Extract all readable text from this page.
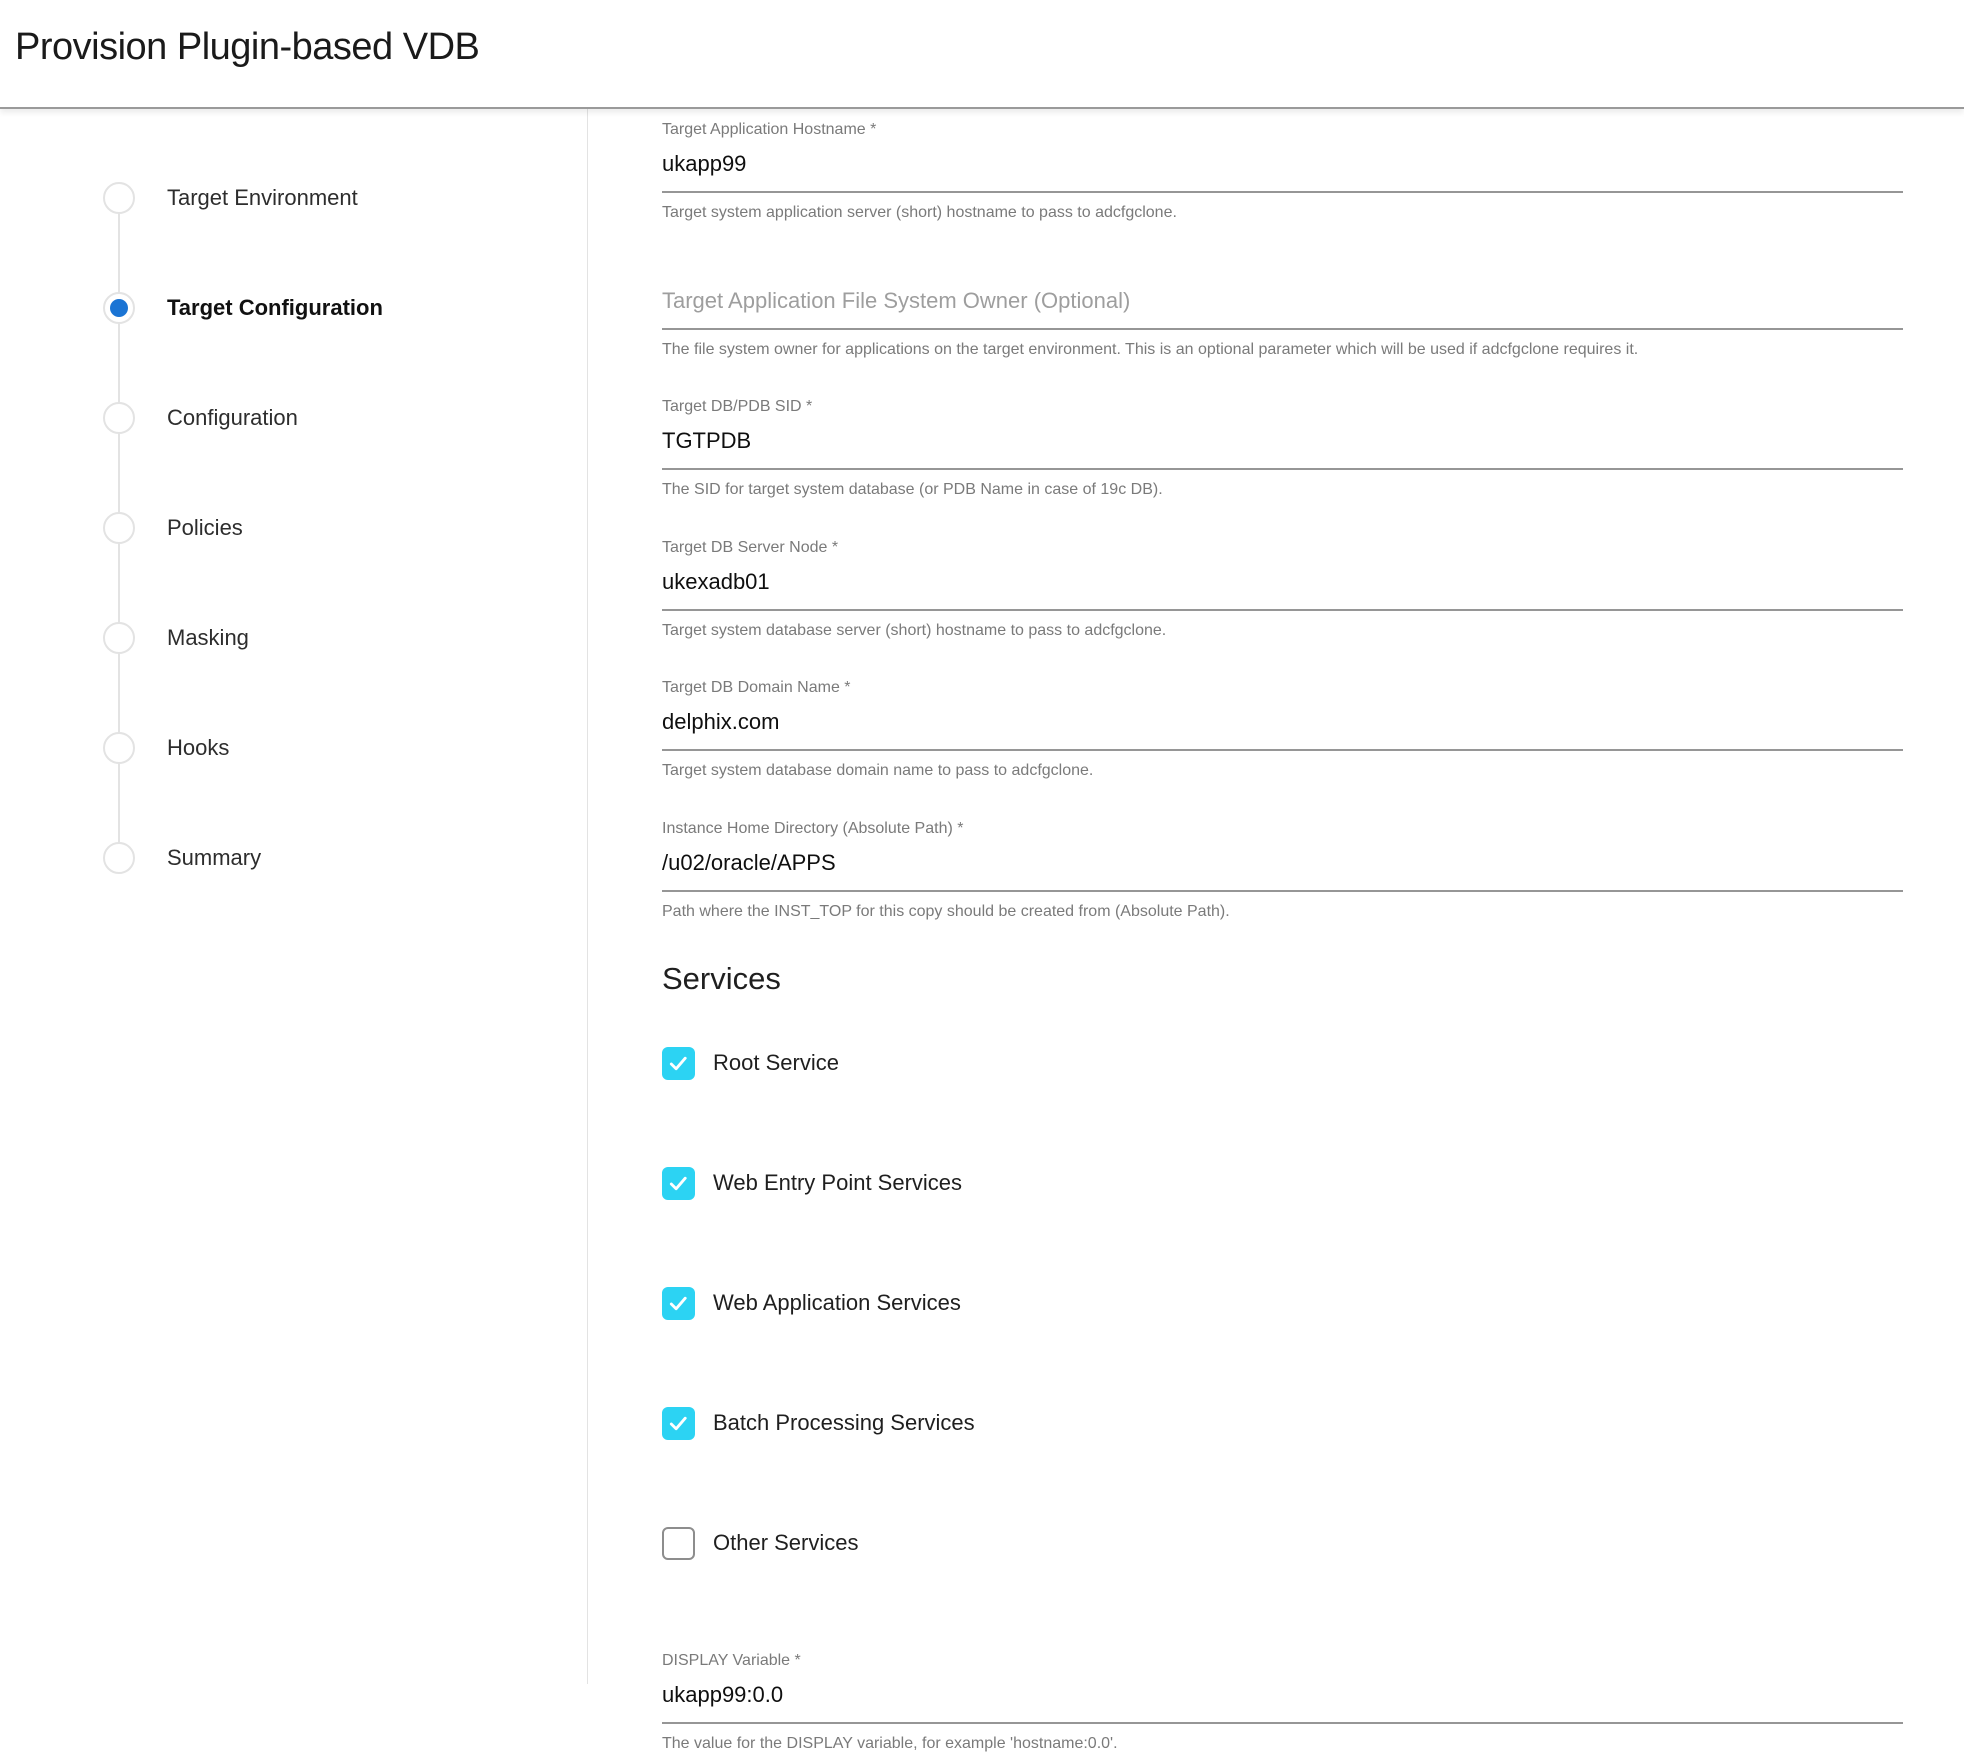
Provision Plugin-based VDB
Target Environment
Target Configuration
Configuration
Policies
Masking
Hooks
Summary
Target Application Hostname *
ukapp99
Target system application server (short) hostname to pass to adcfgclone.
Target Application File System Owner (Optional)
The file system owner for applications on the target environment. This is an optional parameter which will be used if adcfgclone requires it.
Target DB/PDB SID *
TGTPDB
The SID for target system database (or PDB Name in case of 19c DB).
Target DB Server Node *
ukexadb01
Target system database server (short) hostname to pass to adcfgclone.
Target DB Domain Name *
delphix.com
Target system database domain name to pass to adcfgclone.
Instance Home Directory (Absolute Path) *
/u02/oracle/APPS
Path where the INST_TOP for this copy should be created from (Absolute Path).
Services
Root Service
Web Entry Point Services
Web Application Services
Batch Processing Services
Other Services
DISPLAY Variable *
ukapp99:0.0
The value for the DISPLAY variable, for example 'hostname:0.0'.
